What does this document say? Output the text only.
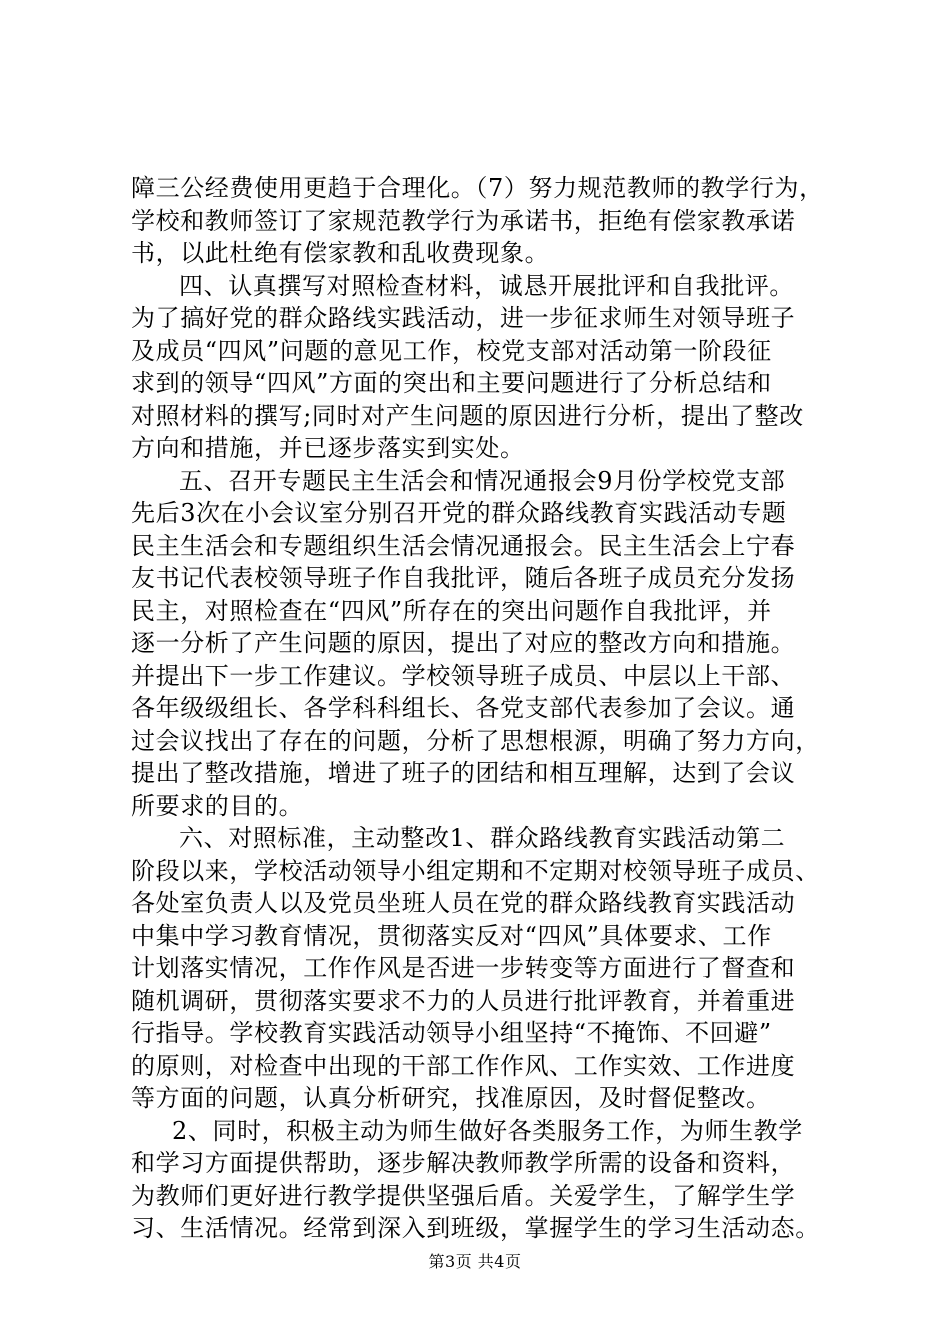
障三公经费使用更趋于合理化。（7）努力规范教师的教学行为，
学校和教师签订了家规范教学行为承诺书，拒绝有偿家教承诺
书，以此杜绝有偿家教和乱收费现象。
四、认真撰写对照检查材料，诚恳开展批评和自我批评。
为了搞好党的群众路线实践活动，进一步征求师生对领导班子
及成员“四风”问题的意见工作，校党支部对活动第一阶段征
求到的领导“四风”方面的突出和主要问题进行了分析总结和
对照材料的撰写;同时对产生问题的原因进行分析，提出了整改
方向和措施，并已逐步落实到实处。
五、召开专题民主生活会和情况通报会9月份学校党支部
先后3次在小会议室分别召开党的群众路线教育实践活动专题
民主生活会和专题组织生活会情况通报会。民主生活会上宁春
友书记代表校领导班子作自我批评，随后各班子成员充分发扬
民主，对照检查在“四风”所存在的突出问题作自我批评，并
逐一分析了产生问题的原因，提出了对应的整改方向和措施。
并提出下一步工作建议。学校领导班子成员、中层以上干部、
各年级级组长、各学科科组长、各党支部代表参加了会议。通
过会议找出了存在的问题，分析了思想根源，明确了努力方向，
提出了整改措施，增进了班子的团结和相互理解，达到了会议
所要求的目的。
六、对照标准，主动整改1、群众路线教育实践活动第二
阶段以来，学校活动领导小组定期和不定期对校领导班子成员、
各处室负责人以及党员坐班人员在党的群众路线教育实践活动
中集中学习教育情况，贯彻落实反对“四风”具体要求、工作
计划落实情况，工作作风是否进一步转变等方面进行了督查和
随机调研，贯彻落实要求不力的人员进行批评教育，并着重进
行指导。学校教育实践活动领导小组坚持“不掩饰、不回避”
的原则，对检查中出现的干部工作作风、工作实效、工作进度
等方面的问题，认真分析研究，找准原因，及时督促整改。
2、同时，积极主动为师生做好各类服务工作，为师生教学
和学习方面提供帮助，逐步解决教师教学所需的设备和资料，
为教师们更好进行教学提供坚强后盾。关爱学生，了解学生学
习、生活情况。经常到深入到班级，掌握学生的学习生活动态。
第3页 共4页
